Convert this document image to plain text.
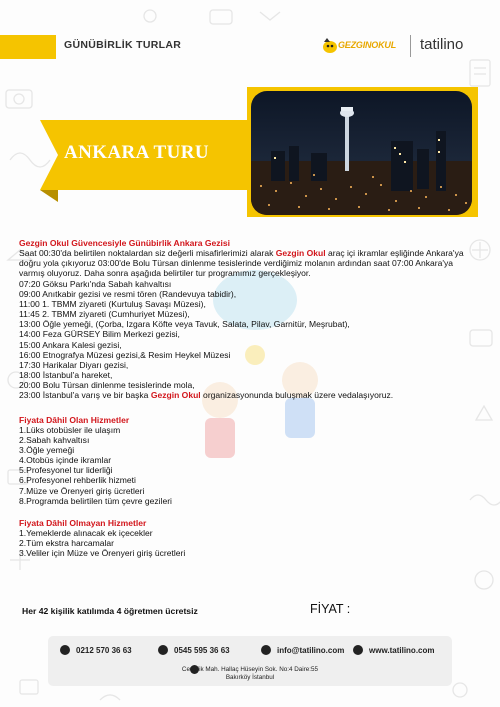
GÜNÜBİRLİK TURLAR	GEZGINOKUL tatilino
ANKARA TURU

Gezgin Okul Güvencesiyle Günübirlik Ankara Gezisi

Saat 00:30'da belirtilen noktalardan siz değerli misafirlerimizi alarak Gezgin Okul araç içi ikramlar eşliğinde Ankara'ya doğru yola çıkıyoruz 03:00'de Bolu Türsan dinlenme tesislerinde verdiğimiz molanın ardından saat 07:00 Ankara'ya varmış oluyoruz. Daha sonra aşağıda belirtiler tur programımız gerçekleşiyor.

07:20 Göksu Parkı'nda Sabah kahvaltısı

09:00 Anıtkabir gezisi ve resmi tören (Randevuya tabidir),

11:00 1. TBMM ziyareti (Kurtuluş Savaşı Müzesi),

11:45 2. TBMM ziyareti (Cumhuriyet Müzesi),

13:00 Öğle yemeği, (Çorba, Izgara Köfte veya Tavuk, Salata, Pilav, Garnitür, Meşrubat),

14:00 Feza GÜRSEY Bilim Merkezi gezisi,

15:00 Ankara Kalesi gezisi,

16:00 Etnografya Müzesi gezisi,& Resim Heykel Müzesi

17:30 Harikalar Diyarı gezisi,

18:00 İstanbul'a hareket,

20:00 Bolu Türsan dinlenme tesislerinde mola,

23:00 İstanbul'a varış ve bir başka Gezgin Okul organizasyonunda buluşmak üzere vedalaşıyoruz.

Fiyata Dâhil Olan Hizmetler

1.Lüks otobüsler ile ulaşım

2.Sabah kahvaltısı

3.Öğle yemeği

4.Otobüs içinde ikramlar

5.Profesyonel tur liderliği

6.Profesyonel rehberlik hizmeti

7.Müze ve Örenyeri giriş ücretleri

8.Programda belirtilen tüm çevre gezileri

Fiyata Dâhil Olmayan Hizmetler

1.Yemeklerde alınacak ek içecekler

2.Tüm ekstra harcamalar

3.Veliler için Müze ve Örenyeri giriş ücretleri

Her 42 kişilik katılımda 4 öğretmen ücretsiz	FİYAT :
0212 570 36 63	0545 595 36 63	info@tatilino.com	www.tatilino.com
Cevizlik Mah. Hallaç Hüseyin Sok. No:4 Daire:55
Bakırköy İstanbul
